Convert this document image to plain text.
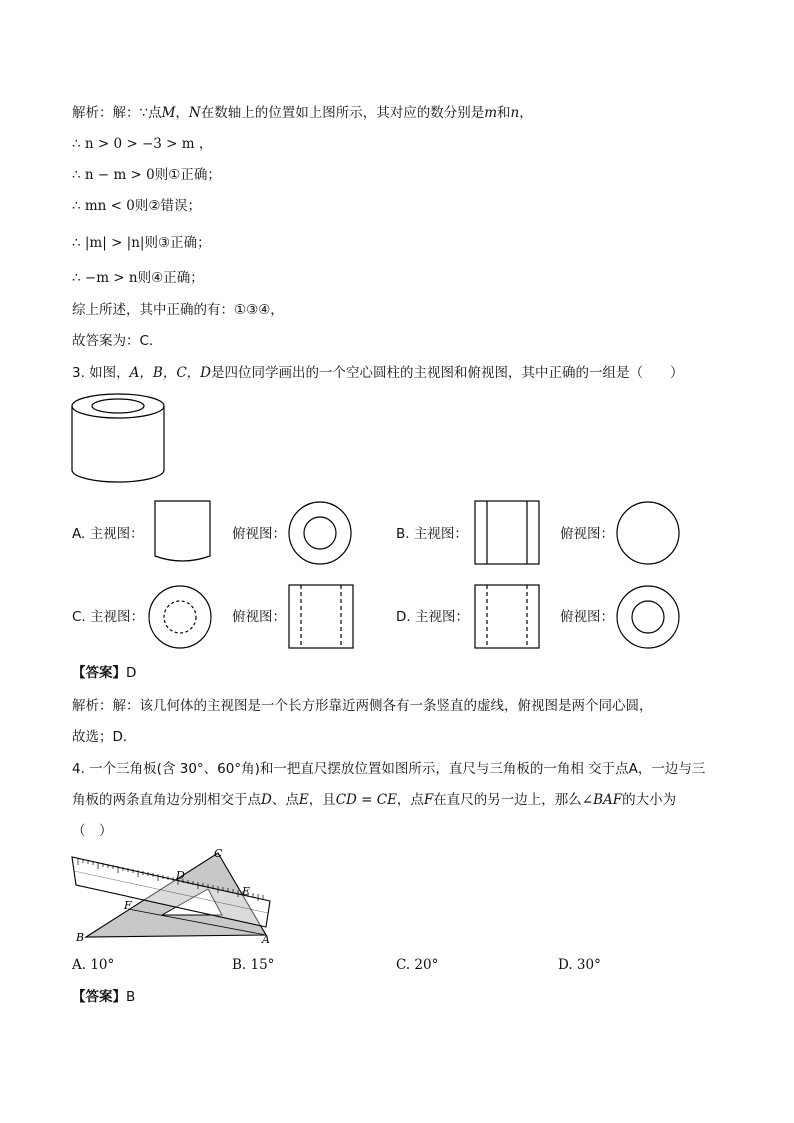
解析：解：∵点M，N在数轴上的位置如上图所示，其对应的数分别是m和n，
∴ n > 0 > −3 > m ，
∴ n − m > 0则①正确；
∴ mn < 0则②错误；
∴ |m| > |n|则③正确；
∴ −m > n则④正确；
综上所述，其中正确的有：①③④，
故答案为：C．
3. 如图，A，B，C，D是四位同学画出的一个空心圆柱的主视图和俯视图，其中正确的一组是（　　）
A. 主视图：	俯视图：	B. 主视图：	俯视图：
C. 主视图：	俯视图：	D. 主视图：	俯视图：
【答案】D
解析：解：该几何体的主视图是一个长方形靠近两侧各有一条竖直的虚线，俯视图是两个同心圆，
故选；D．
4. 一个三角板(含 30°、60°角)和一把直尺摆放位置如图所示，直尺与三角板的一角相 交于点A，一边与三
角板的两条直角边分别相交于点D、点E，且CD = CE，点F在直尺的另一边上，那么∠BAF的大小为
（　）
C
D
E
F
B	A
A. 10°	B. 15°	C. 20°	D. 30°
【答案】B
